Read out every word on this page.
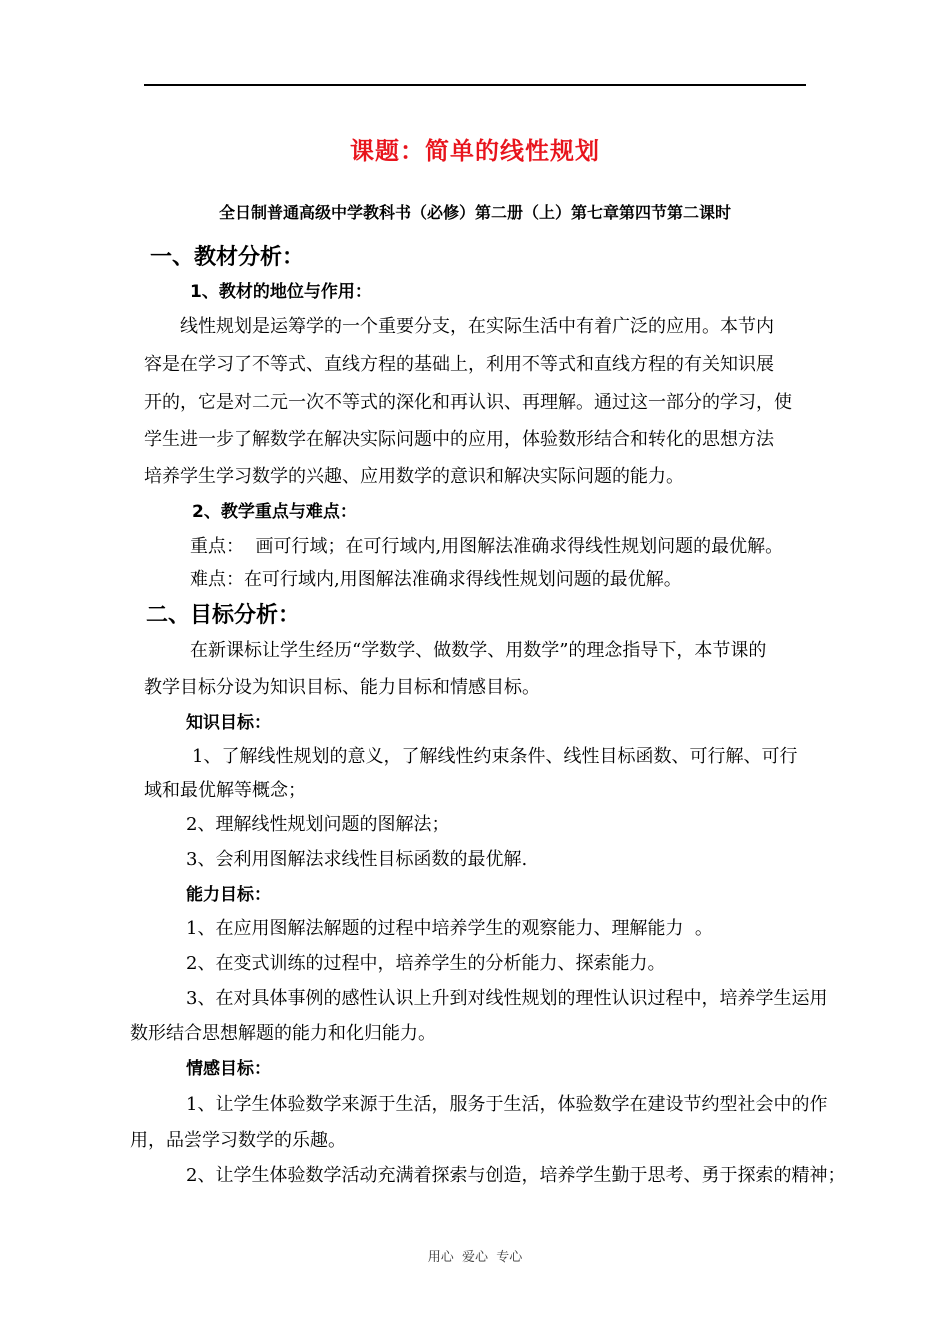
课题：简单的线性规划
全日制普通高级中学教科书（必修）第二册（上）第七章第四节第二课时
一、教材分析：
1、教材的地位与作用：
线性规划是运筹学的一个重要分支，在实际生活中有着广泛的应用。本节内
容是在学习了不等式、直线方程的基础上，利用不等式和直线方程的有关知识展
开的，它是对二元一次不等式的深化和再认识、再理解。通过这一部分的学习，使
学生进一步了解数学在解决实际问题中的应用，体验数形结合和转化的思想方法
培养学生学习数学的兴趣、应用数学的意识和解决实际问题的能力。
2、教学重点与难点：
重点：  画可行域；在可行域内,用图解法准确求得线性规划问题的最优解。
难点：在可行域内,用图解法准确求得线性规划问题的最优解。
二、目标分析：
在新课标让学生经历“学数学、做数学、用数学”的理念指导下，本节课的
教学目标分设为知识目标、能力目标和情感目标。
知识目标：
1、了解线性规划的意义，了解线性约束条件、线性目标函数、可行解、可行
域和最优解等概念；
2、理解线性规划问题的图解法；
3、会利用图解法求线性目标函数的最优解.
能力目标：
1、在应用图解法解题的过程中培养学生的观察能力、理解能力  。
2、在变式训练的过程中，培养学生的分析能力、探索能力。
3、在对具体事例的感性认识上升到对线性规划的理性认识过程中，培养学生运用
数形结合思想解题的能力和化归能力。
情感目标：
1、让学生体验数学来源于生活，服务于生活，体验数学在建设节约型社会中的作
用，品尝学习数学的乐趣。
2、让学生体验数学活动充满着探索与创造，培养学生勤于思考、勇于探索的精神；
用心  爱心  专心
